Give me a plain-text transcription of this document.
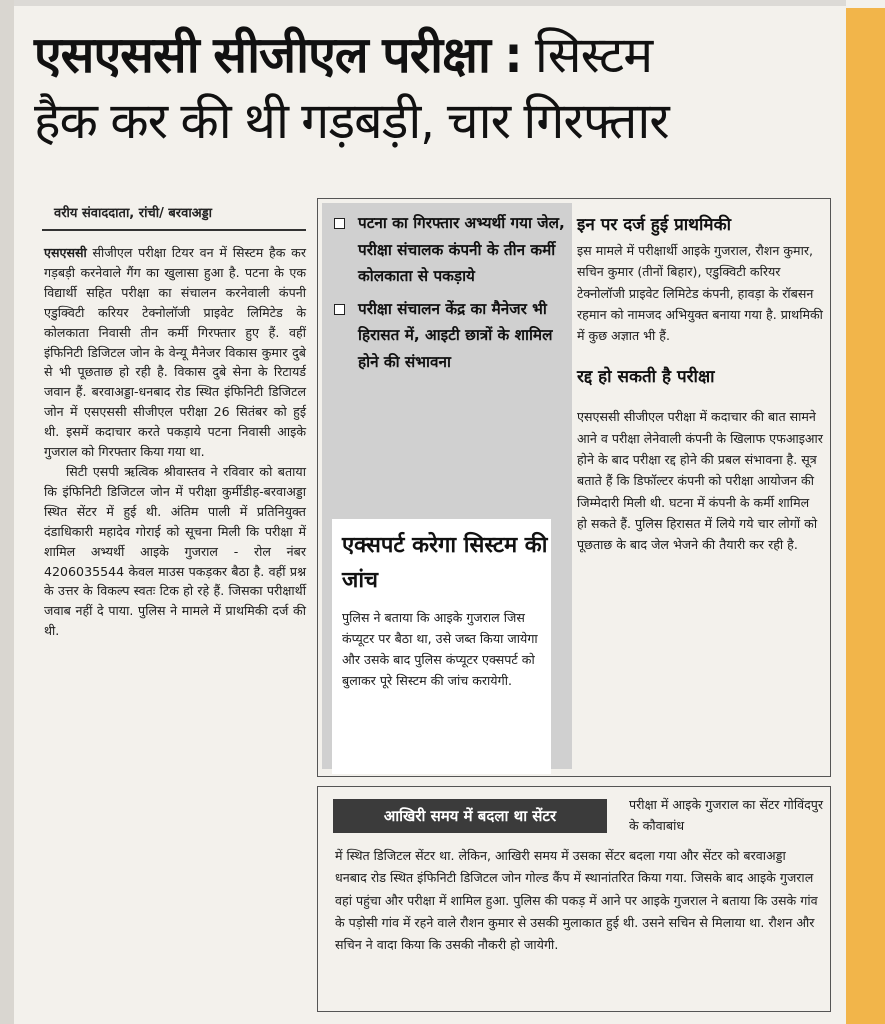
एसएससी सीजीएल परीक्षा : सिस्टम
हैक कर की थी गड़बड़ी, चार गिरफ्तार
वरीय संवाददाता, रांची/ बरवाअड्डा

एसएससी सीजीएल परीक्षा टियर वन में सिस्टम हैक कर गड़बड़ी करनेवाले गैंग का खुलासा हुआ है. पटना के एक विद्यार्थी सहित परीक्षा का संचालन करनेवाली कंपनी एडुक्विटी करियर टेक्नोलॉजी प्राइवेट लिमिटेड के कोलकाता निवासी तीन कर्मी गिरफ्तार हुए हैं. वहीं इंफिनिटी डिजिटल जोन के वेन्यू मैनेजर विकास कुमार दुबे से भी पूछताछ हो रही है. विकास दुबे सेना के रिटायर्ड जवान हैं. बरवाअड्डा-धनबाद रोड स्थित इंफिनिटी डिजिटल जोन में एसएससी सीजीएल परीक्षा 26 सितंबर को हुई थी. इसमें कदाचार करते पकड़ाये पटना निवासी आइके गुजराल को गिरफ्तार किया गया था.

सिटी एसपी ऋत्विक श्रीवास्तव ने रविवार को बताया कि इंफिनिटी डिजिटल जोन में परीक्षा कुर्मीडीह-बरवाअड्डा स्थित सेंटर में हुई थी. अंतिम पाली में प्रतिनियुक्त दंडाधिकारी महादेव गोराई को सूचना मिली कि परीक्षा में शामिल अभ्यर्थी आइके गुजराल - रोल नंबर 4206035544 केवल माउस पकड़कर बैठा है. वहीं प्रश्न के उत्तर के विकल्प स्वतः टिक हो रहे हैं. जिसका परीक्षार्थी जवाब नहीं दे पाया. पुलिस ने मामले में प्राथमिकी दर्ज की थी.

पटना का गिरफ्तार अभ्यर्थी गया जेल, परीक्षा संचालक कंपनी के तीन कर्मी कोलकाता से पकड़ाये
परीक्षा संचालन केंद्र का मैनेजर भी हिरासत में, आइटी छात्रों के शामिल होने की संभावना
एक्सपर्ट करेगा सिस्टम की जांच

पुलिस ने बताया कि आइके गुजराल जिस कंप्यूटर पर बैठा था, उसे जब्त किया जायेगा और उसके बाद पुलिस कंप्यूटर एक्सपर्ट को बुलाकर पूरे सिस्टम की जांच करायेगी.

इन पर दर्ज हुई प्राथमिकी

इस मामले में परीक्षार्थी आइके गुजराल, रौशन कुमार, सचिन कुमार (तीनों बिहार), एडुक्विटी करियर टेक्नोलॉजी प्राइवेट लिमिटेड कंपनी, हावड़ा के रॉबसन रहमान को नामजद अभियुक्त बनाया गया है. प्राथमिकी में कुछ अज्ञात भी हैं.

रद्द हो सकती है परीक्षा

एसएससी सीजीएल परीक्षा में कदाचार की बात सामने आने व परीक्षा लेनेवाली कंपनी के खिलाफ एफआइआर होने के बाद परीक्षा रद्द होने की प्रबल संभावना है. सूत्र बताते हैं कि डिफॉल्टर कंपनी को परीक्षा आयोजन की जिम्मेदारी मिली थी. घटना में कंपनी के कर्मी शामिल हो सकते हैं. पुलिस हिरासत में लिये गये चार लोगों को पूछताछ के बाद जेल भेजने की तैयारी कर रही है.

आखिरी समय में बदला था सेंटर

परीक्षा में आइके गुजराल का सेंटर गोविंदपुर के कौवाबांध

में स्थित डिजिटल सेंटर था. लेकिन, आखिरी समय में उसका सेंटर बदला गया और सेंटर को बरवाअड्डा धनबाद रोड स्थित इंफिनिटी डिजिटल जोन गोल्ड कैंप में स्थानांतरित किया गया. जिसके बाद आइके गुजराल वहां पहुंचा और परीक्षा में शामिल हुआ. पुलिस की पकड़ में आने पर आइके गुजराल ने बताया कि उसके गांव के पड़ोसी गांव में रहने वाले रौशन कुमार से उसकी मुलाकात हुई थी. उसने सचिन से मिलाया था. रौशन और सचिन ने वादा किया कि उसकी नौकरी हो जायेगी.
